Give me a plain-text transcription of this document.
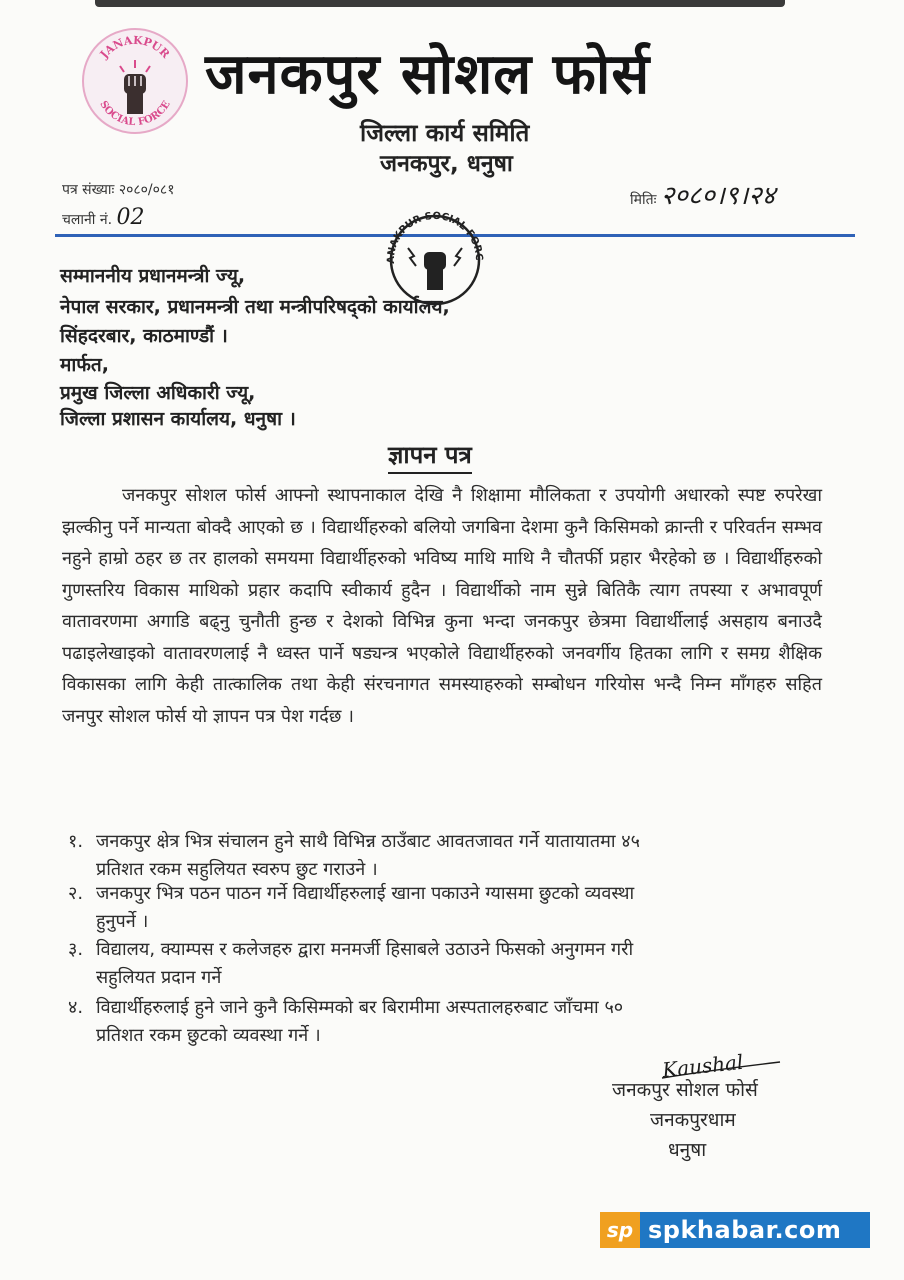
JANAKPUR
SOCIAL FORCE जनकपुर सोशल फोर्स
जिल्ला कार्य समिति
जनकपुर, धनुषा
पत्र संख्याः २०८०/०८१
चलानी नं. 02
मितिः २०८०।९।२४
ANAKPUR SOCIAL FORC
सम्माननीय प्रधानमन्त्री ज्यू,
नेपाल सरकार, प्रधानमन्त्री तथा मन्त्रीपरिषद्को कार्यालय,
सिंहदरबार, काठमाण्डौं ।
मार्फत,
प्रमुख जिल्ला अधिकारी ज्यू,
जिल्ला प्रशासन कार्यालय, धनुषा ।
ज्ञापन पत्र

जनकपुर सोशल फोर्स आफ्नो स्थापनाकाल देखि नै शिक्षामा मौलिकता र उपयोगी अधारको स्पष्ट रुपरेखा झल्कीनु पर्ने मान्यता बोक्दै आएको छ । विद्यार्थीहरुको बलियो जगबिना देशमा कुनै किसिमको क्रान्ती र परिवर्तन सम्भव नहुने हाम्रो ठहर छ तर हालको समयमा विद्यार्थीहरुको भविष्य माथि माथि नै चौतर्फी प्रहार भैरहेको छ । विद्यार्थीहरुको गुणस्तरिय विकास माथिको प्रहार कदापि स्वीकार्य हुदैन । विद्यार्थीको नाम सुन्ने बितिकै त्याग तपस्या र अभावपूर्ण वातावरणमा अगाडि बढ्नु चुनौती हुन्छ र देशको विभिन्न कुना भन्दा जनकपुर छेत्रमा विद्यार्थीलाई असहाय बनाउदै पढाइलेखाइको वातावरणलाई नै ध्वस्त पार्ने षड्यन्त्र भएकोले विद्यार्थीहरुको जनवर्गीय हितका लागि र समग्र शैक्षिक विकासका लागि केही तात्कालिक तथा केही संरचनागत समस्याहरुको सम्बोधन गरियोस भन्दै निम्न माँगहरु सहित जनपुर सोशल फोर्स यो ज्ञापन पत्र पेश गर्दछ ।

१. जनकपुर क्षेत्र भित्र संचालन हुने साथै विभिन्न ठाउँबाट आवतजावत गर्ने यातायातमा ४५
प्रतिशत रकम सहुलियत स्वरुप छुट गराउने ।
२. जनकपुर भित्र पठन पाठन गर्ने विद्यार्थीहरुलाई खाना पकाउने ग्यासमा छुटको व्यवस्था
हुनुपर्ने ।
३. विद्यालय, क्याम्पस र कलेजहरु द्वारा मनमर्जी हिसाबले उठाउने फिसको अनुगमन गरी
सहुलियत प्रदान गर्ने
४. विद्यार्थीहरुलाई हुने जाने कुनै किसिम्मको बर बिरामीमा अस्पतालहरुबाट जाँचमा ५०
प्रतिशत रकम छुटको व्यवस्था गर्ने ।
Kaushal
जनकपुर सोशल फोर्स
जनकपुरधाम
धनुषा
sp spkhabar.com
